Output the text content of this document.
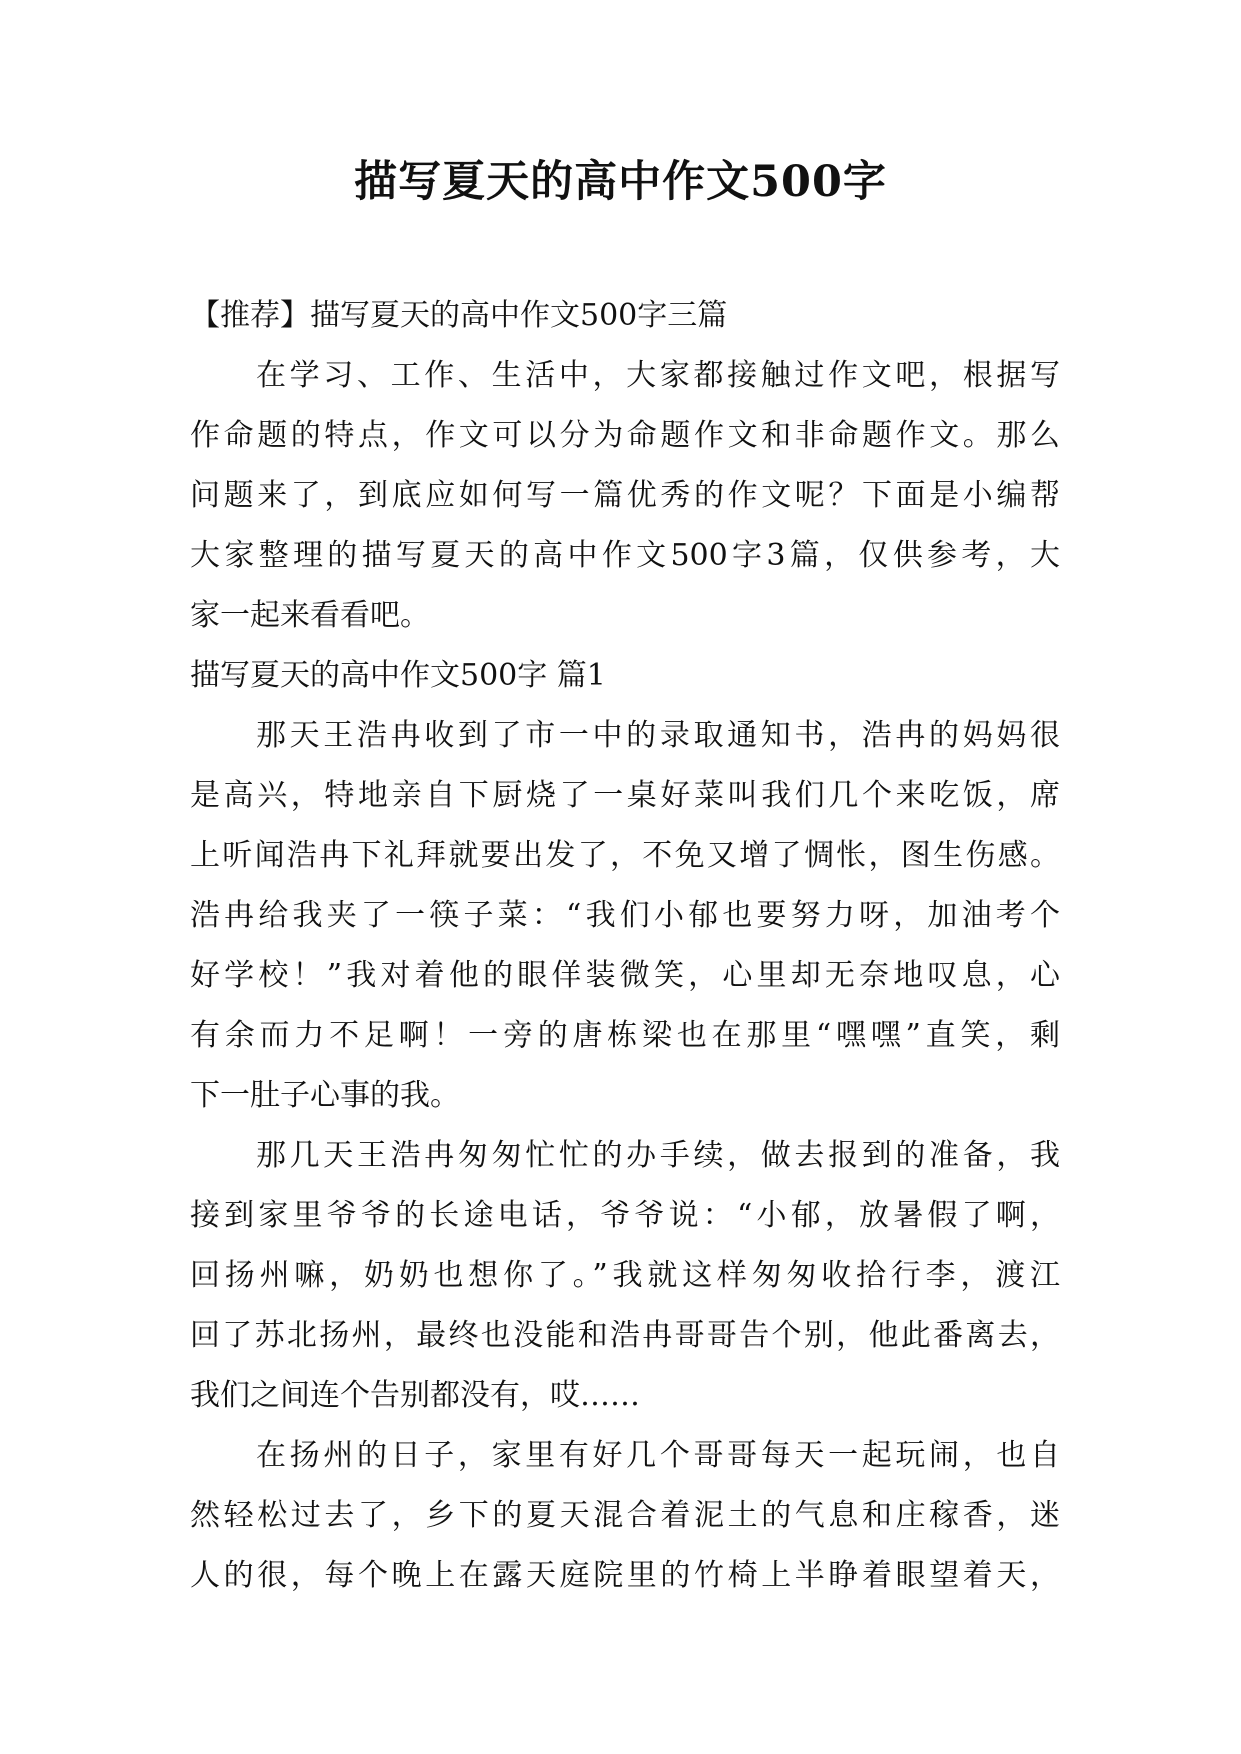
描写夏天的高中作文500字
【推荐】描写夏天的高中作文500字三篇
在学习、工作、生活中，大家都接触过作文吧，根据写
作命题的特点，作文可以分为命题作文和非命题作文。那么
问题来了，到底应如何写一篇优秀的作文呢？下面是小编帮
大家整理的描写夏天的高中作文500字3篇，仅供参考，大
家一起来看看吧。
描写夏天的高中作文500字 篇1
那天王浩冉收到了市一中的录取通知书，浩冉的妈妈很
是高兴，特地亲自下厨烧了一桌好菜叫我们几个来吃饭，席
上听闻浩冉下礼拜就要出发了，不免又增了惆怅，图生伤感。
浩冉给我夹了一筷子菜：“我们小郁也要努力呀，加油考个
好学校！”我对着他的眼佯装微笑，心里却无奈地叹息，心
有余而力不足啊！一旁的唐栋梁也在那里“嘿嘿”直笑，剩
下一肚子心事的我。
那几天王浩冉匆匆忙忙的办手续，做去报到的准备，我
接到家里爷爷的长途电话，爷爷说：“小郁，放暑假了啊，
回扬州嘛，奶奶也想你了。”我就这样匆匆收拾行李，渡江
回了苏北扬州，最终也没能和浩冉哥哥告个别，他此番离去，
我们之间连个告别都没有，哎……
在扬州的日子，家里有好几个哥哥每天一起玩闹，也自
然轻松过去了，乡下的夏天混合着泥土的气息和庄稼香，迷
人的很，每个晚上在露天庭院里的竹椅上半睁着眼望着天，
